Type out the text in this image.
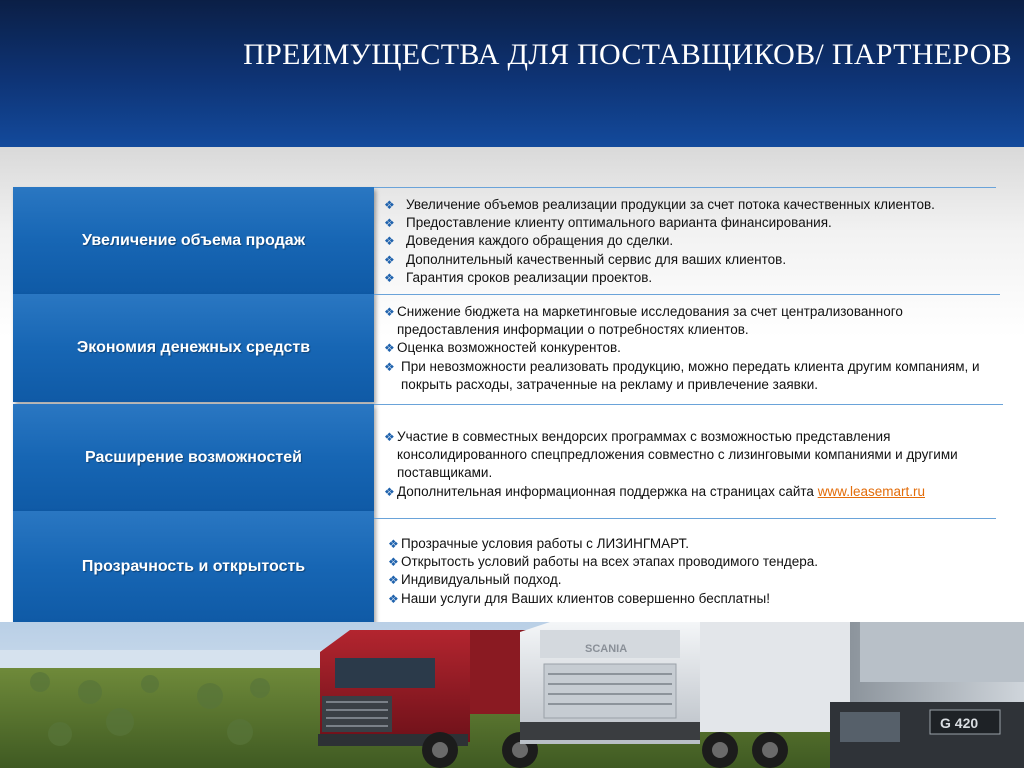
ПРЕИМУЩЕСТВА ДЛЯ ПОСТАВЩИКОВ/ ПАРТНЕРОВ
Увеличение объема продаж
❖ Увеличение объемов реализации продукции за счет потока качественных клиентов.
❖ Предоставление клиенту оптимального варианта финансирования.
❖ Доведения каждого обращения до сделки.
❖ Дополнительный качественный сервис для ваших клиентов.
❖ Гарантия сроков реализации проектов.
Экономия денежных средств
❖ Снижение бюджета на маркетинговые исследования за счет централизованного предоставления информации о потребностях клиентов.
❖ Оценка возможностей конкурентов.
❖ При невозможности реализовать продукцию, можно передать клиента другим компаниям, и покрыть расходы, затраченные на рекламу и привлечение заявки.
Расширение возможностей
❖ Участие в совместных вендорсих программах с возможностью представления консолидированного спецпредложения совместно с лизинговыми компаниями и другими поставщиками.
❖ Дополнительная информационная поддержка на страницах сайта www.leasemart.ru
Прозрачность и открытость
❖ Прозрачные условия работы с ЛИЗИНГМАРТ.
❖ Открытость условий работы на всех этапах проводимого тендера.
❖ Индивидуальный подход.
❖ Наши услуги для Ваших клиентов совершенно бесплатны!
SCANIA
G 420
